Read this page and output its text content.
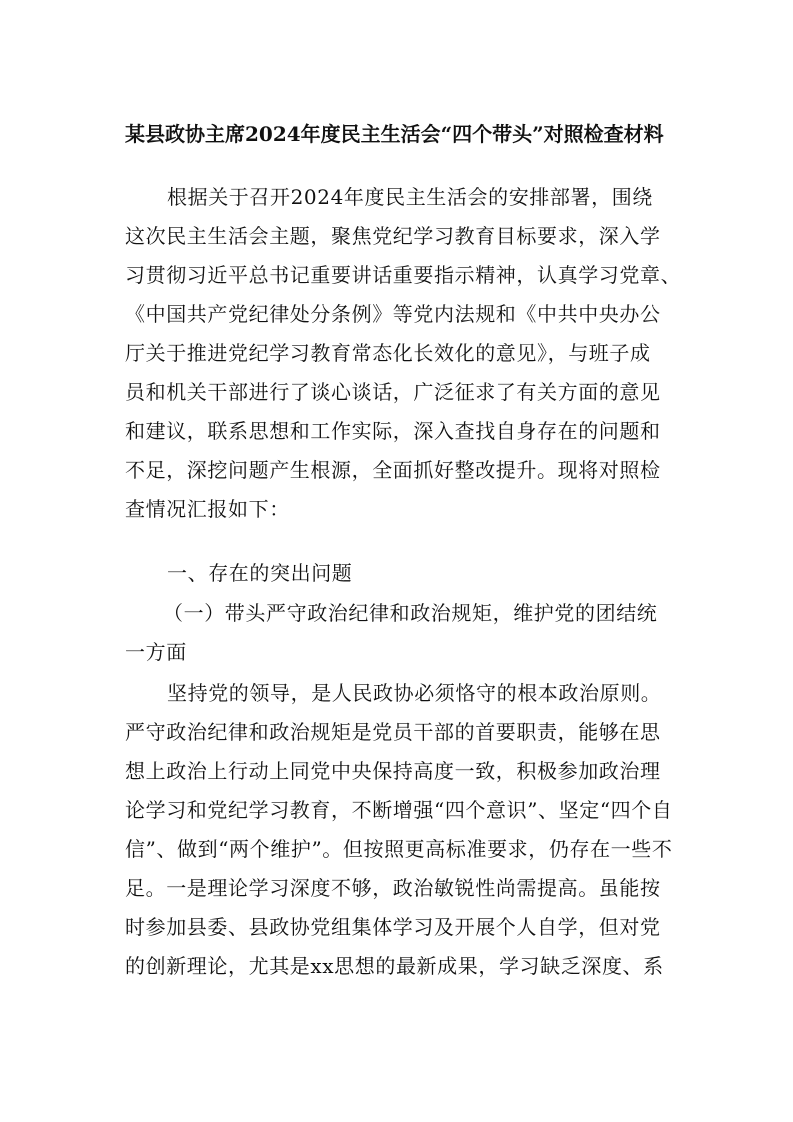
某县政协主席2024年度民主生活会“四个带头”对照检查材料
根据关于召开2024年度民主生活会的安排部署，围绕
这次民主生活会主题，聚焦党纪学习教育目标要求，深入学
习贯彻习近平总书记重要讲话重要指示精神，认真学习党章、
《中国共产党纪律处分条例》等党内法规和《中共中央办公
厅关于推进党纪学习教育常态化长效化的意见》，与班子成
员和机关干部进行了谈心谈话，广泛征求了有关方面的意见
和建议，联系思想和工作实际，深入查找自身存在的问题和
不足，深挖问题产生根源，全面抓好整改提升。现将对照检
查情况汇报如下：
一、存在的突出问题
（一）带头严守政治纪律和政治规矩，维护党的团结统
一方面
坚持党的领导，是人民政协必须恪守的根本政治原则。
严守政治纪律和政治规矩是党员干部的首要职责，能够在思
想上政治上行动上同党中央保持高度一致，积极参加政治理
论学习和党纪学习教育，不断增强“四个意识”、坚定“四个自
信”、做到“两个维护”。但按照更高标准要求，仍存在一些不
足。一是理论学习深度不够，政治敏锐性尚需提高。虽能按
时参加县委、县政协党组集体学习及开展个人自学，但对党
的创新理论，尤其是xx思想的最新成果，学习缺乏深度、系
